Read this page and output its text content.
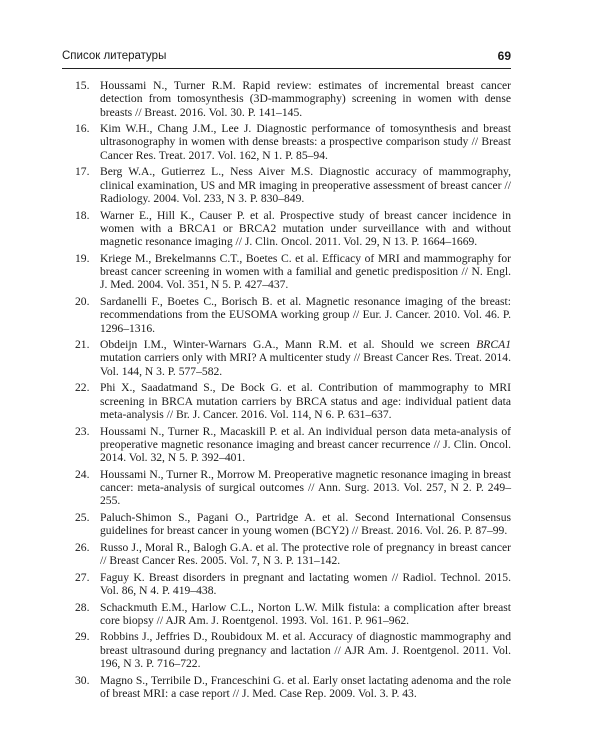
Список литературы	69
15. Houssami N., Turner R.M. Rapid review: estimates of incremental breast cancer detection from tomosynthesis (3D-mammography) screening in women with dense breasts // Breast. 2016. Vol. 30. P. 141–145.
16. Kim W.H., Chang J.M., Lee J. Diagnostic performance of tomosynthesis and breast ultrasonography in women with dense breasts: a prospective comparison study // Breast Cancer Res. Treat. 2017. Vol. 162, N 1. P. 85–94.
17. Berg W.A., Gutierrez L., Ness Aiver M.S. Diagnostic accuracy of mammography, clinical examination, US and MR imaging in preoperative assessment of breast cancer // Radiology. 2004. Vol. 233, N 3. P. 830–849.
18. Warner E., Hill K., Causer P. et al. Prospective study of breast cancer incidence in women with a BRCA1 or BRCA2 mutation under surveillance with and without magnetic resonance imaging // J. Clin. Oncol. 2011. Vol. 29, N 13. P. 1664–1669.
19. Kriege M., Brekelmanns C.T., Boetes C. et al. Efficacy of MRI and mammography for breast cancer screening in women with a familial and genetic predisposition // N. Engl. J. Med. 2004. Vol. 351, N 5. P. 427–437.
20. Sardanelli F., Boetes C., Borisch B. et al. Magnetic resonance imaging of the breast: recommendations from the EUSOMA working group // Eur. J. Cancer. 2010. Vol. 46. P. 1296–1316.
21. Obdeijn I.M., Winter-Warnars G.A., Mann R.M. et al. Should we screen BRCA1 mutation carriers only with MRI? A multicenter study // Breast Cancer Res. Treat. 2014. Vol. 144, N 3. P. 577–582.
22. Phi X., Saadatmand S., De Bock G. et al. Contribution of mammography to MRI screening in BRCA mutation carriers by BRCA status and age: individual patient data meta-analysis // Br. J. Cancer. 2016. Vol. 114, N 6. P. 631–637.
23. Houssami N., Turner R., Macaskill P. et al. An individual person data meta-analysis of preoperative magnetic resonance imaging and breast cancer recurrence // J. Clin. Oncol. 2014. Vol. 32, N 5. P. 392–401.
24. Houssami N., Turner R., Morrow M. Preoperative magnetic resonance imaging in breast cancer: meta-analysis of surgical outcomes // Ann. Surg. 2013. Vol. 257, N 2. P. 249–255.
25. Paluch-Shimon S., Pagani O., Partridge A. et al. Second International Consensus guidelines for breast cancer in young women (BCY2) // Breast. 2016. Vol. 26. P. 87–99.
26. Russo J., Moral R., Balogh G.A. et al. The protective role of pregnancy in breast cancer // Breast Cancer Res. 2005. Vol. 7, N 3. P. 131–142.
27. Faguy K. Breast disorders in pregnant and lactating women // Radiol. Technol. 2015. Vol. 86, N 4. P. 419–438.
28. Schackmuth E.M., Harlow C.L., Norton L.W. Milk fistula: a complication after breast core biopsy // AJR Am. J. Roentgenol. 1993. Vol. 161. P. 961–962.
29. Robbins J., Jeffries D., Roubidoux M. et al. Accuracy of diagnostic mammography and breast ultrasound during pregnancy and lactation // AJR Am. J. Roentgenol. 2011. Vol. 196, N 3. P. 716–722.
30. Magno S., Terribile D., Franceschini G. et al. Early onset lactating adenoma and the role of breast MRI: a case report // J. Med. Case Rep. 2009. Vol. 3. P. 43.
